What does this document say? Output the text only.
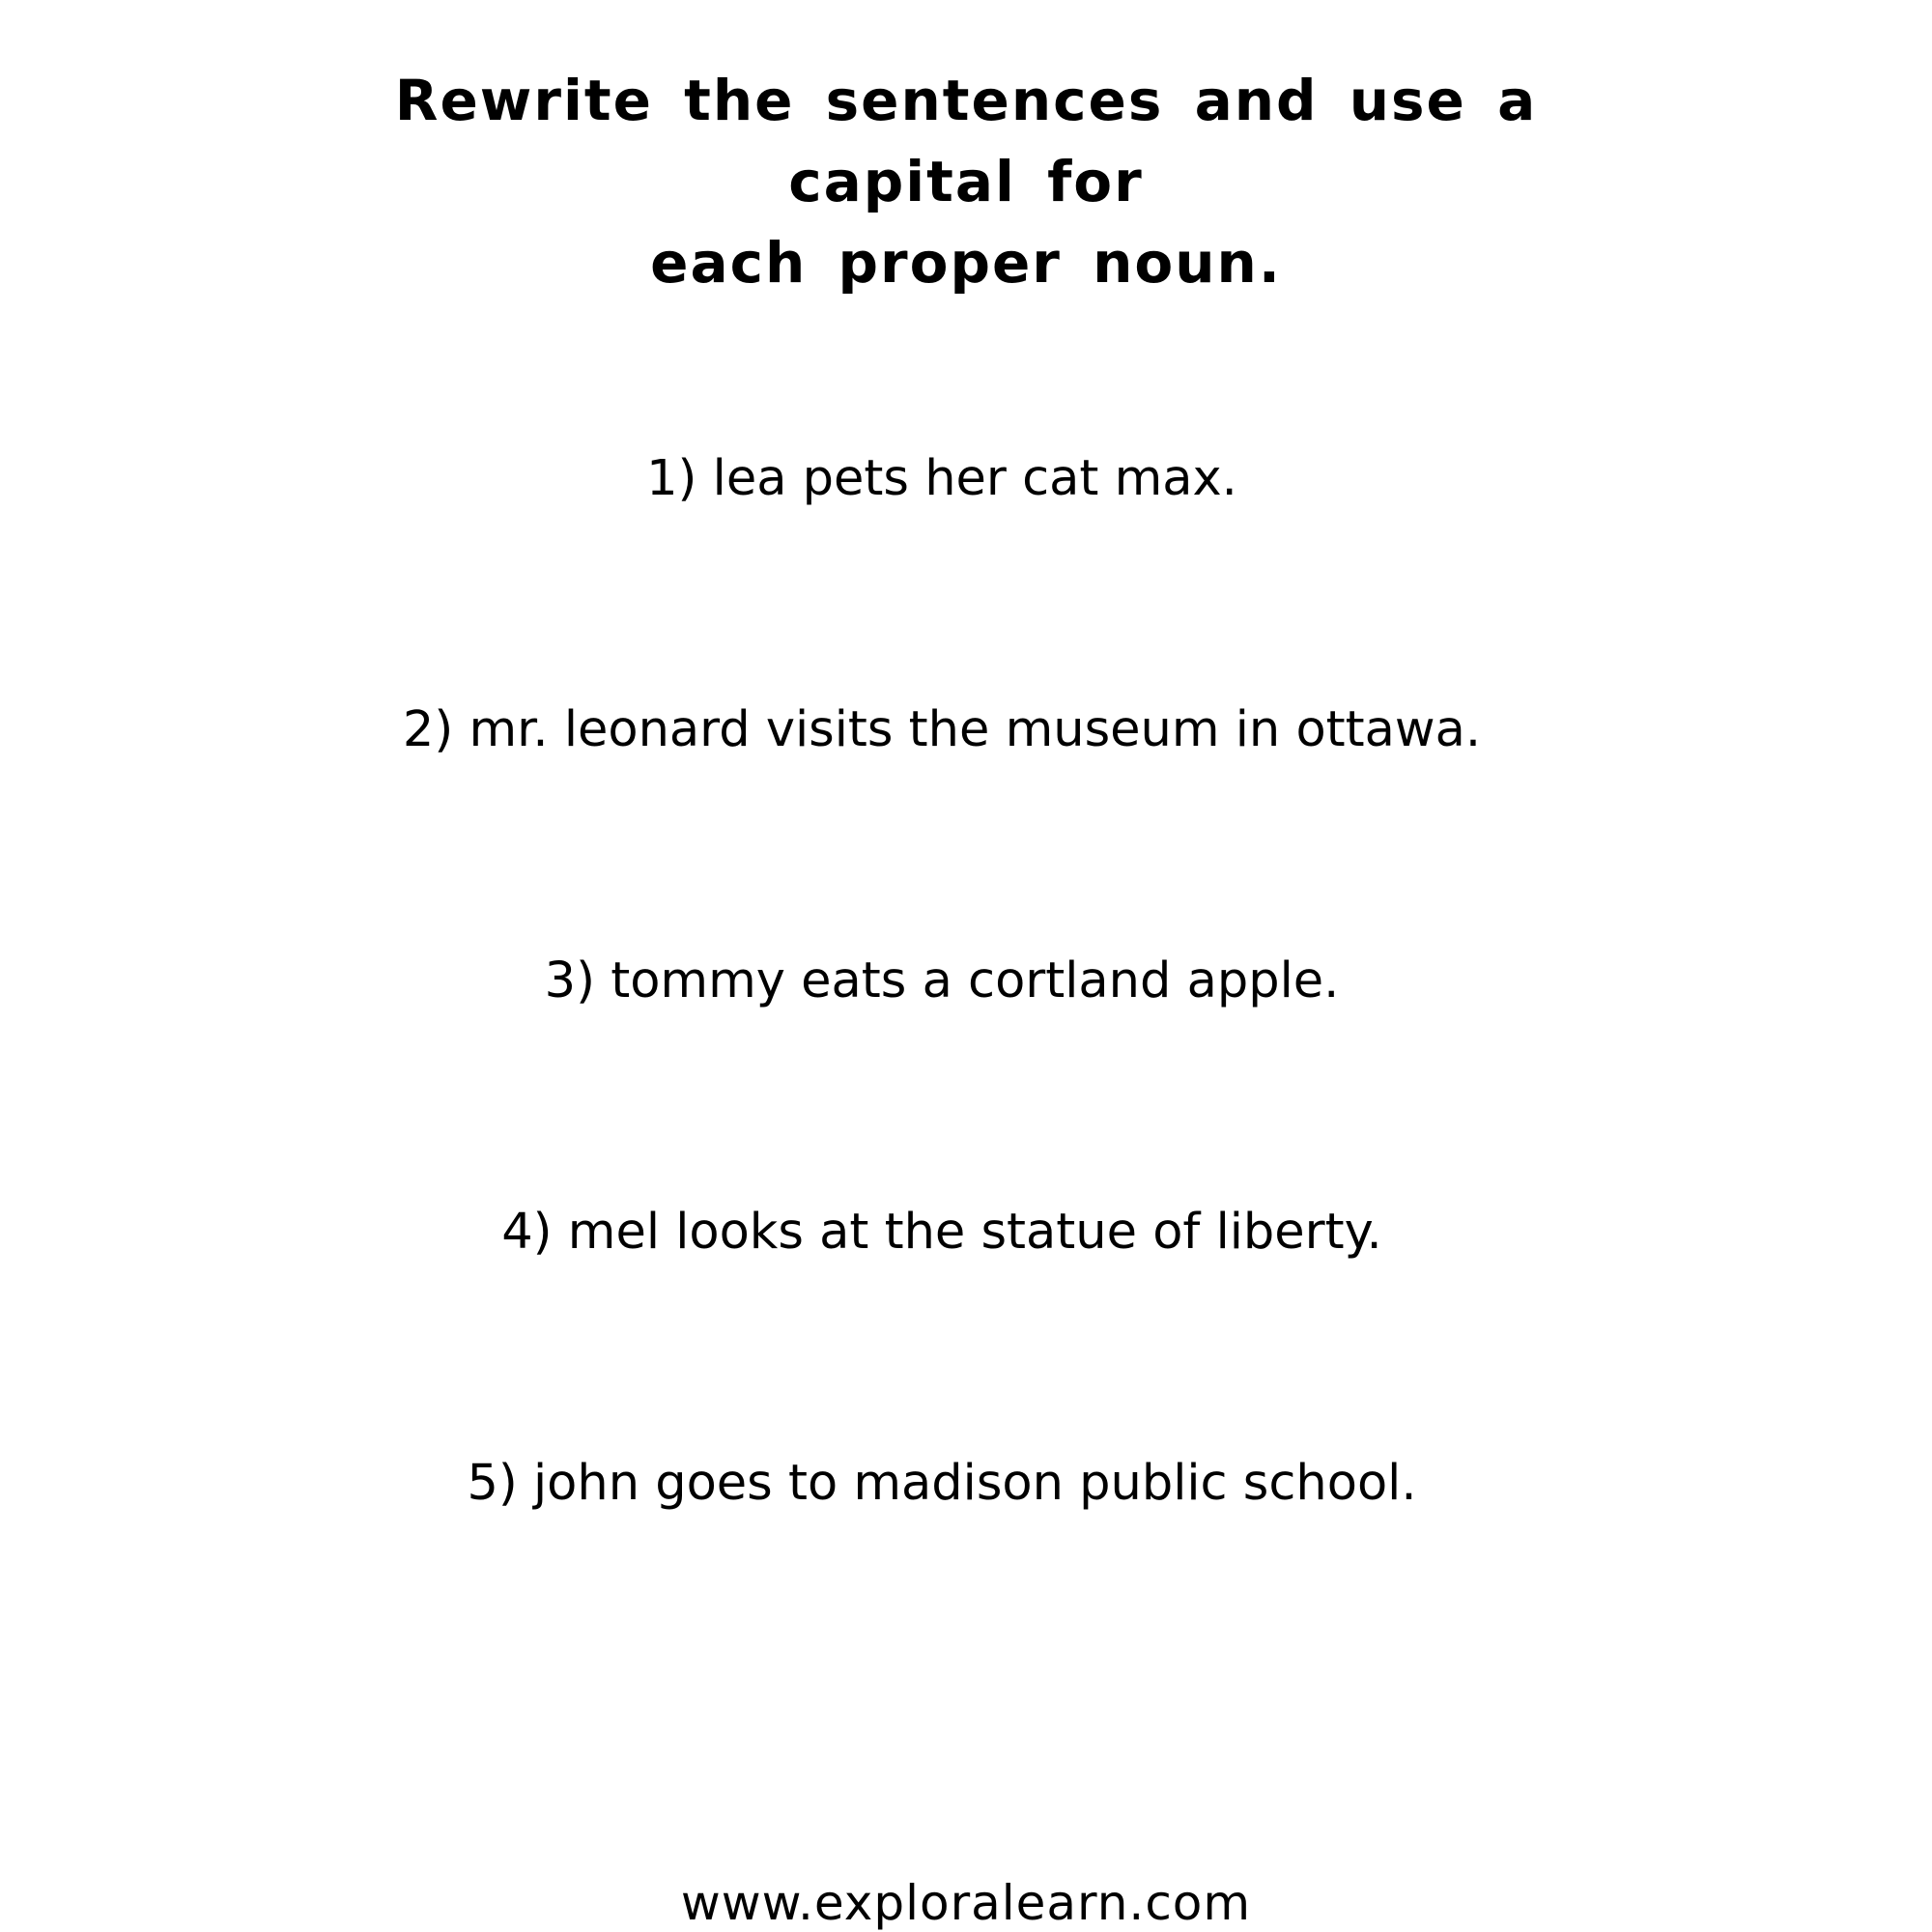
Rewrite the sentences and use a capital for
each proper noun.
1) lea pets her cat max.
2) mr. leonard visits the museum in ottawa.
3) tommy eats a cortland apple.
4) mel looks at the statue of liberty.
5) john goes to madison public school.
www.exploralearn.com
